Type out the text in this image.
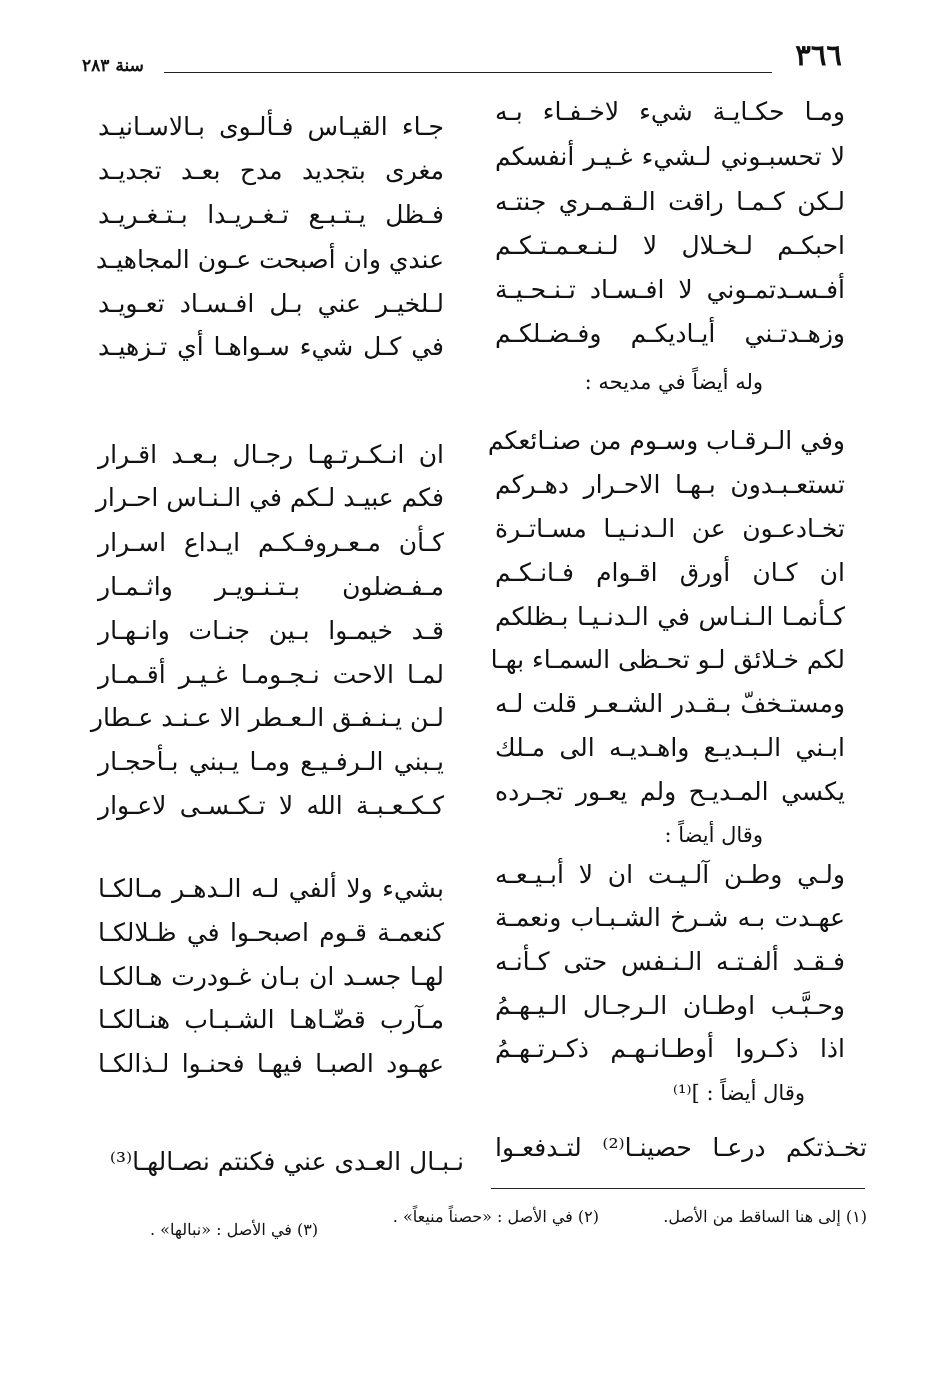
٣٦٦
سنة ٢٨٣
ومـا حكـايـة شيء لاخـفـاء بـه
لا تحسبـوني لـشيء غـيـر أنفسكم
لـكن كـمـا راقت الـقـمـري جنتـه
احبكـم لـخـلال لا لـنـعـمـتـكـم
أفـسـدتمـوني لا افـسـاد تـنـحـيـة
وزهـدتـني أيـاديكـم وفـضـلكـم
جـاء القيـاس فـألـوى بـالاسـانيـد
مغرى بتجديد مدح بعـد تجديـد
فـظل يـتـبـع تـغـريـدا بـتـغـريـد
عندي وان أصبحت عـون المجاهيـد
لـلخيـر عني بـل افـسـاد تعـويـد
في كـل شيء سـواهـا أي تـزهيـد
وله أيضاً في مديحه :
وفي الـرقـاب وسـوم من صنـائعكم
تستعـبـدون بـهـا الاحـرار دهـركم
تخـادعـون عن الـدنـيـا مسـاتـرة
ان كـان أورق اقـوام فـانـكـم
كـأنمـا الـنـاس في الـدنـيـا بـظلكم
لكم خـلائق لـو تحـظى السمـاء بهـا
ومستـخفّ بـقـدر الشـعـر قلت لـه
ابـني الـبـديـع واهـديـه الى مـلك
يكسي المـديـح ولم يعـور تجـرده
ان انـكـرتـهـا رجـال بـعـد اقـرار
فكم عبيـد لـكم في الـنـاس احـرار
كـأن مـعـروفـكـم ايـداع اسـرار
مـفـضلون بـتـنـويـر واثـمـار
قـد خيمـوا بـين جنـات وانـهـار
لمـا الاحت نـجـومـا غـيـر أقـمـار
لـن يـنـفـق الـعـطر الا عـنـد عـطار
يـبني الـرفـيـع ومـا يـبني بـأحجـار
كـكـعـبـة الله لا تـكـسـى لاعـوار
وقال أيضاً :
ولـي وطـن آلـيـت ان لا أبـيـعـه
عهـدت بـه شـرخ الشـبـاب ونعمـة
فـقـد ألفـتـه الـنـفس حتى كـأنـه
وحـبَّـب اوطـان الـرجـال الـيـهـمُ
اذا ذكـروا أوطـانـهـم ذكـرتـهـمُ
بشيء ولا ألفي لـه الـدهـر مـالكـا
كنعمـة قـوم اصبحـوا في ظـلالكـا
لهـا جسـد ان بـان غـودرت هـالكـا
مـآرب قضّـاهـا الشـبـاب هنـالكـا
عهـود الصبـا فيهـا فحنـوا لـذالكـا
وقال أيضاً : ]⁽¹⁾
تخـذتكم درعـا حصينـا⁽²⁾ لتـدفعـوا
نـبـال العـدى عني فكنتم نصـالهـا⁽³⁾
(١) إلى هنا الساقط من الأصل.
(٢) في الأصل : «حصناً منيعاً» .
(٣) في الأصل : «نبالها» .
